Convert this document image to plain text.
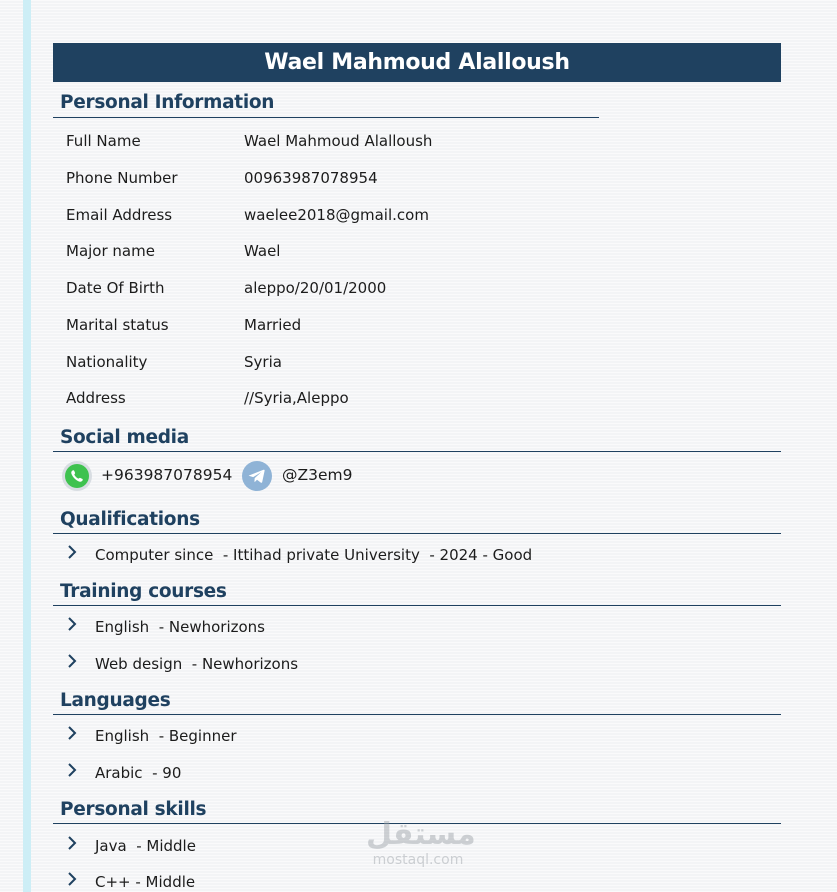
Wael Mahmoud Alalloush
Personal Information
Full Name	Wael Mahmoud Alalloush
Phone Number	00963987078954
Email Address	waelee2018@gmail.com
Major name	Wael
Date Of Birth	aleppo/20/01/2000
Marital status	Married
Nationality	Syria
Address	//Syria,Aleppo
Social media
+963987078954	@Z3em9
Qualifications
Computer since  - Ittihad private University  - 2024 - Good
Training courses
English  - Newhorizons
Web design  - Newhorizons
Languages
English  - Beginner
Arabic  - 90
Personal skills
Java  - Middle
C++ - Middle
مستقل
mostaql.com
